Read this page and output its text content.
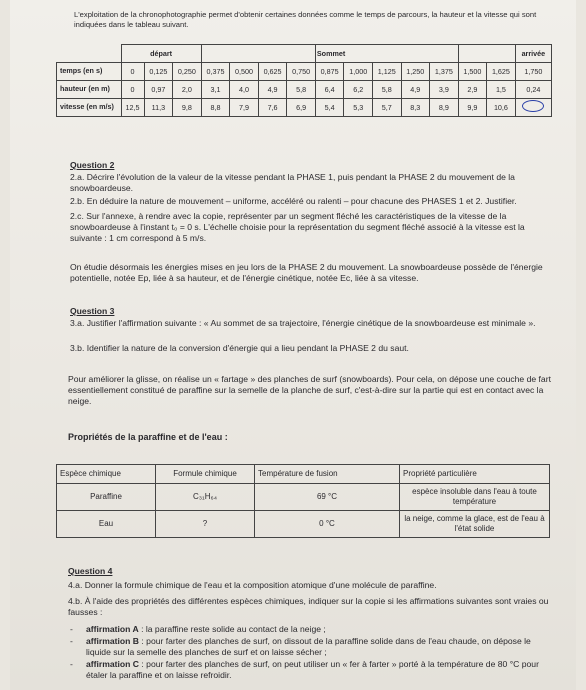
L'exploitation de la chronophotographie permet d'obtenir certaines données comme le temps de parcours, la hauteur et la vitesse qui sont indiquées dans le tableau suivant.

	départ							Sommet							arrivée
temps (en s)	0	0,125	0,250	0,375	0,500	0,625	0,750	0,875	1,000	1,125	1,250	1,375	1,500	1,625	1,750
hauteur (en m)	0	0,97	2,0	3,1	4,0	4,9	5,8	6,4	6,2	5,8	4,9	3,9	2,9	1,5	0,24
vitesse (en m/s)	12,5	11,3	9,8	8,8	7,9	7,6	6,9	5,4	5,3	5,7	8,3	8,9	9,9	10,6	

Question 2

2.a. Décrire l'évolution de la valeur de la vitesse pendant la PHASE 1, puis pendant la PHASE 2 du mouvement de la snowboardeuse.

2.b. En déduire la nature de mouvement – uniforme, accéléré ou ralenti – pour chacune des PHASES 1 et 2. Justifier.

2.c. Sur l'annexe, à rendre avec la copie, représenter par un segment fléché les caractéristiques de la vitesse de la snowboardeuse à l'instant t₀ = 0 s. L'échelle choisie pour la représentation du segment fléché associé à la vitesse est la suivante : 1 cm correspond à 5 m/s.

On étudie désormais les énergies mises en jeu lors de la PHASE 2 du mouvement. La snowboardeuse possède de l'énergie potentielle, notée Ep, liée à sa hauteur, et de l'énergie cinétique, notée Ec, liée à sa vitesse.

Question 3

3.a. Justifier l'affirmation suivante : « Au sommet de sa trajectoire, l'énergie cinétique de la snowboardeuse est minimale ».

3.b. Identifier la nature de la conversion d'énergie qui a lieu pendant la PHASE 2 du saut.

Pour améliorer la glisse, on réalise un « fartage » des planches de surf (snowboards). Pour cela, on dépose une couche de fart essentiellement constitué de paraffine sur la semelle de la planche de surf, c'est-à-dire sur la partie qui est en contact avec la neige.

Propriétés de la paraffine et de l'eau :

Espèce chimique	Formule chimique	Température de fusion	Propriété particulière
Paraffine	C₃₁H₆₄	69 °C	espèce insoluble dans l'eau à toute température
Eau	?	0 °C	la neige, comme la glace, est de l'eau à l'état solide

Question 4

4.a. Donner la formule chimique de l'eau et la composition atomique d'une molécule de paraffine.

4.b. À l'aide des propriétés des différentes espèces chimiques, indiquer sur la copie si les affirmations suivantes sont vraies ou fausses :

- affirmation A : la paraffine reste solide au contact de la neige ;
- affirmation B : pour farter des planches de surf, on dissout de la paraffine solide dans de l'eau chaude, on dépose le liquide sur la semelle des planches de surf et on laisse sécher ;
- affirmation C : pour farter des planches de surf, on peut utiliser un « fer à farter » porté à la température de 80 °C pour étaler la paraffine et on laisse refroidir.
